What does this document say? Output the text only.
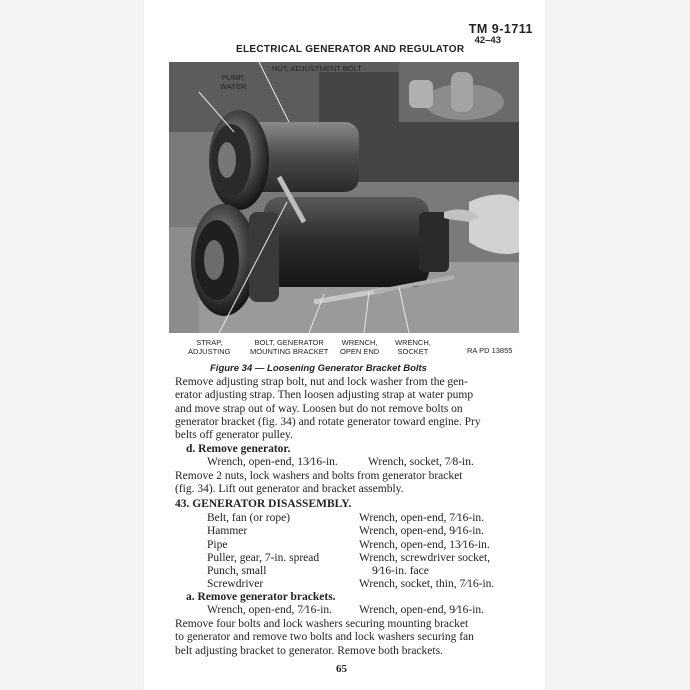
TM 9-1711
42–43
ELECTRICAL GENERATOR AND REGULATOR
NUT, ADJUSTMENT BOLT
PUMP,
WATER
STRAP,
ADJUSTING
BOLT, GENERATOR
MOUNTING BRACKET
WRENCH,
OPEN END
WRENCH,
SOCKET	RA PD 13855
Figure 34 — Loosening Generator Bracket Bolts
Remove adjusting strap bolt, nut and lock washer from the gen-
erator adjusting strap. Then loosen adjusting strap at water pump
and move strap out of way. Loosen but do not remove bolts on
generator bracket (fig. 34) and rotate generator toward engine. Pry
belts off generator pulley.
d. Remove generator.
Wrench, open-end, 13⁄16-in.	Wrench, socket, 7⁄8-in.
Remove 2 nuts, lock washers and bolts from generator bracket
(fig. 34). Lift out generator and bracket assembly.
43. GENERATOR DISASSEMBLY.
Belt, fan (or rope)
Hammer
Pipe
Puller, gear, 7-in. spread
Punch, small
Screwdriver
Wrench, open-end, 7⁄16-in.
Wrench, open-end, 9⁄16-in.
Wrench, open-end, 13⁄16-in.
Wrench, screwdriver socket,
9⁄16-in. face
Wrench, socket, thin, 7⁄16-in.
a. Remove generator brackets.
Wrench, open-end, 7⁄16-in. Wrench, open-end, 9⁄16-in.
Remove four bolts and lock washers securing mounting bracket
to generator and remove two bolts and lock washers securing fan
belt adjusting bracket to generator. Remove both brackets.
65
